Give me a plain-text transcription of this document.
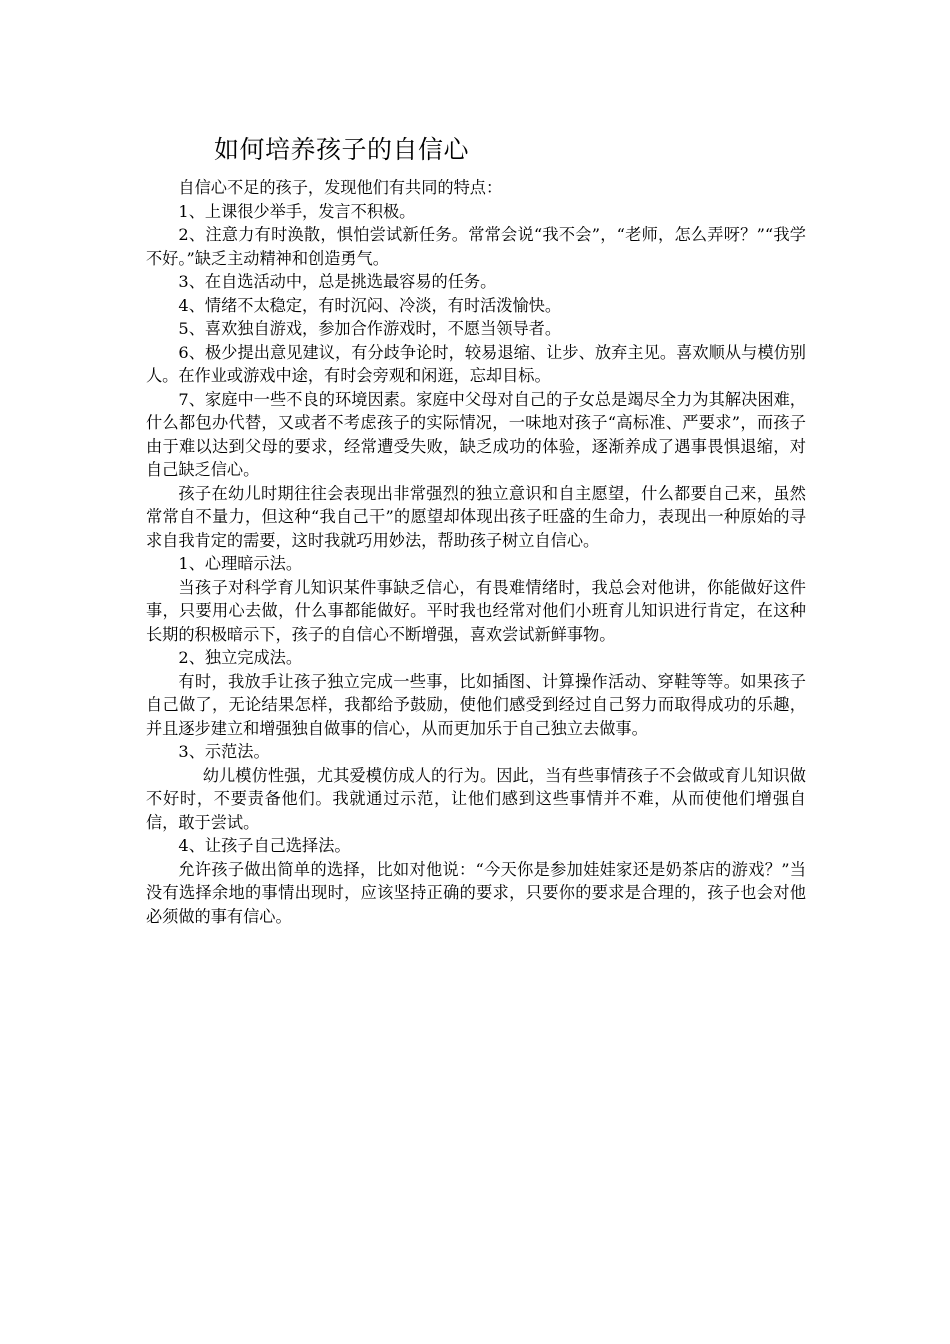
如何培养孩子的自信心

自信心不足的孩子，发现他们有共同的特点：

1、上课很少举手，发言不积极。

2、注意力有时涣散，惧怕尝试新任务。常常会说“我不会”，“老师，怎么弄呀？”“我学不好。”缺乏主动精神和创造勇气。

3、在自选活动中，总是挑选最容易的任务。

4、情绪不太稳定，有时沉闷、冷淡，有时活泼愉快。

5、喜欢独自游戏，参加合作游戏时，不愿当领导者。

6、极少提出意见建议，有分歧争论时，较易退缩、让步、放弃主见。喜欢顺从与模仿别人。在作业或游戏中途，有时会旁观和闲逛，忘却目标。

7、家庭中一些不良的环境因素。家庭中父母对自己的子女总是竭尽全力为其解决困难，什么都包办代替，又或者不考虑孩子的实际情况，一味地对孩子“高标准、严要求”，而孩子由于难以达到父母的要求，经常遭受失败，缺乏成功的体验，逐渐养成了遇事畏惧退缩，对自己缺乏信心。

孩子在幼儿时期往往会表现出非常强烈的独立意识和自主愿望，什么都要自己来，虽然常常自不量力，但这种“我自己干”的愿望却体现出孩子旺盛的生命力，表现出一种原始的寻求自我肯定的需要，这时我就巧用妙法，帮助孩子树立自信心。

1、心理暗示法。

当孩子对科学育儿知识某件事缺乏信心，有畏难情绪时，我总会对他讲，你能做好这件事，只要用心去做，什么事都能做好。平时我也经常对他们小班育儿知识进行肯定，在这种长期的积极暗示下，孩子的自信心不断增强，喜欢尝试新鲜事物。

2、独立完成法。

有时，我放手让孩子独立完成一些事，比如插图、计算操作活动、穿鞋等等。如果孩子自己做了，无论结果怎样，我都给予鼓励，使他们感受到经过自己努力而取得成功的乐趣，并且逐步建立和增强独自做事的信心，从而更加乐于自己独立去做事。

3、示范法。

幼儿模仿性强，尤其爱模仿成人的行为。因此，当有些事情孩子不会做或育儿知识做不好时，不要责备他们。我就通过示范，让他们感到这些事情并不难，从而使他们增强自信，敢于尝试。

4、让孩子自己选择法。

允许孩子做出简单的选择，比如对他说：“今天你是参加娃娃家还是奶茶店的游戏？”当没有选择余地的事情出现时，应该坚持正确的要求，只要你的要求是合理的，孩子也会对他必须做的事有信心。
